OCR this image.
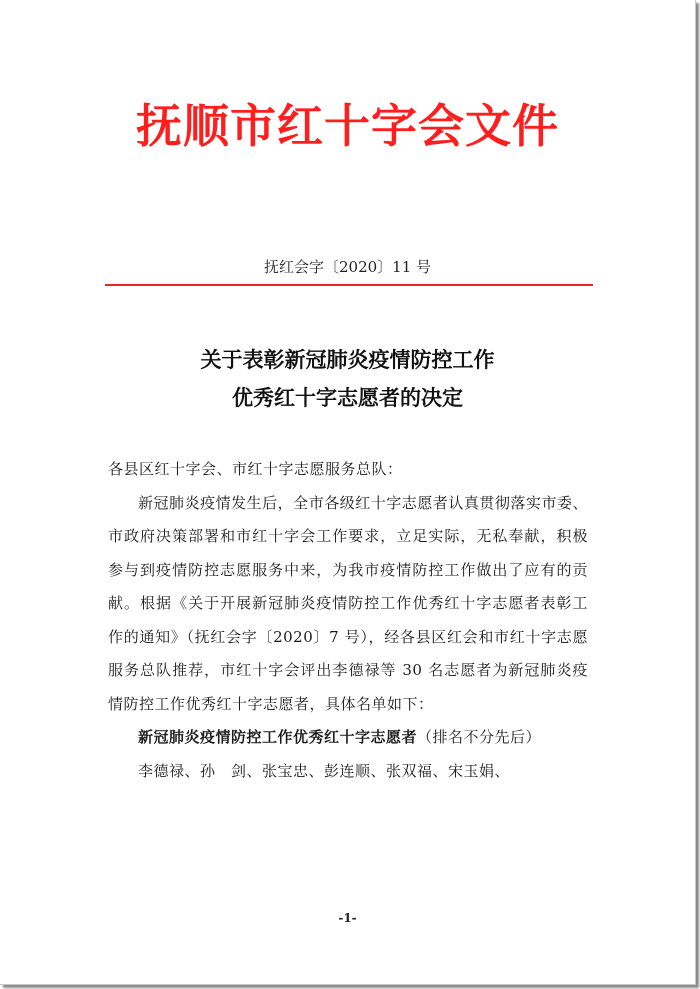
抚顺市红十字会文件
抚红会字〔2020〕11 号
关于表彰新冠肺炎疫情防控工作
优秀红十字志愿者的决定

各县区红十字会、市红十字志愿服务总队：

新冠肺炎疫情发生后，全市各级红十字志愿者认真贯彻落实市委、市政府决策部署和市红十字会工作要求，立足实际，无私奉献，积极参与到疫情防控志愿服务中来，为我市疫情防控工作做出了应有的贡献。根据《关于开展新冠肺炎疫情防控工作优秀红十字志愿者表彰工作的通知》（抚红会字〔2020〕7 号），经各县区红会和市红十字志愿服务总队推荐，市红十字会评出李德禄等 30 名志愿者为新冠肺炎疫情防控工作优秀红十字志愿者，具体名单如下：

新冠肺炎疫情防控工作优秀红十字志愿者（排名不分先后）

李德禄、孙　剑、张宝忠、彭连顺、张双福、宋玉娟、

-1-
